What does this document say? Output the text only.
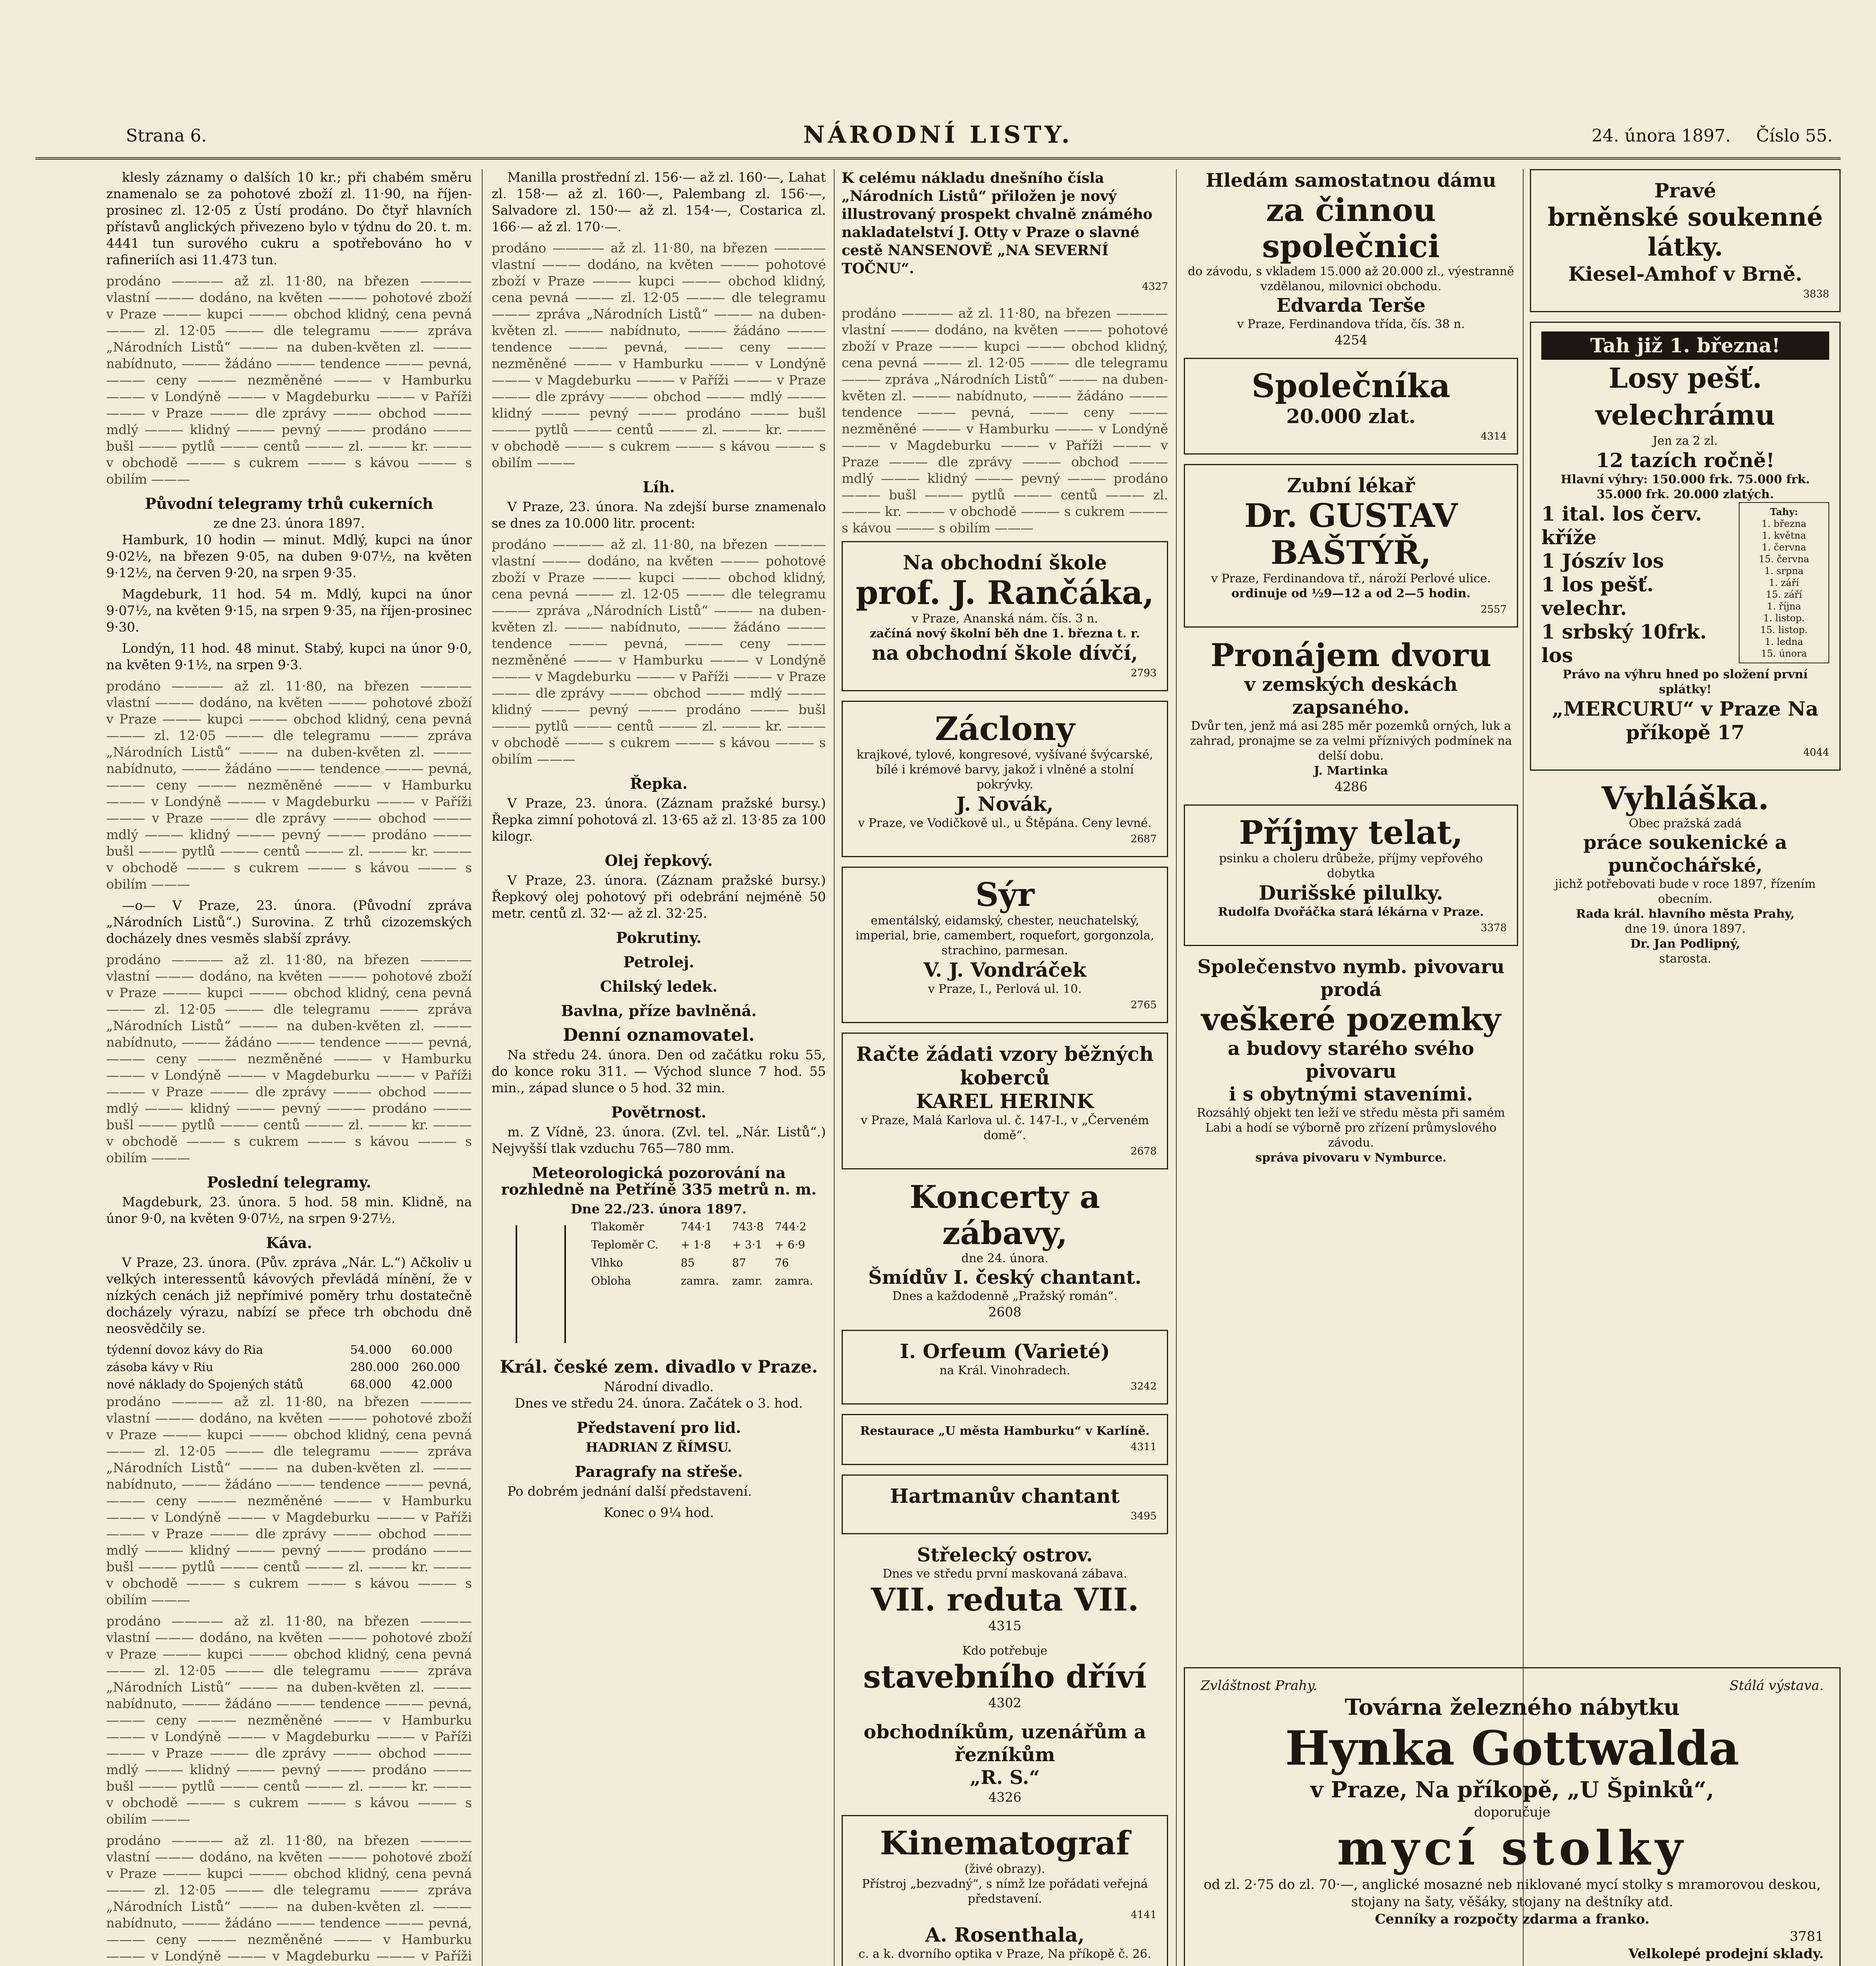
Strana 6.	NÁRODNÍ LISTY.	24. února 1897. Číslo 55.

klesly záznamy o dalších 10 kr.; při chabém směru znamenalo se za pohotové zboží zl. 11·90, na říjen-prosinec zl. 12·05 z Ústí prodáno. Do čtyř hlavních přístavů anglických přivezeno bylo v týdnu do 20. t. m. 4441 tun surového cukru a spotřebováno ho v rafineriích asi 11.473 tun.

prodáno ———— až zl. 11·80, na březen ———— vlastní ——— dodáno, na květen ——— pohotové zboží v Praze ——— kupci ——— obchod klidný, cena pevná ——— zl. 12·05 ——— dle telegramu ——— zpráva „Národních Listů“ ——— na duben-květen zl. ——— nabídnuto, ——— žádáno ——— tendence ——— pevná, ——— ceny ——— nezměněné ——— v Hamburku ——— v Londýně ——— v Magdeburku ——— v Paříži ——— v Praze ——— dle zprávy ——— obchod ——— mdlý ——— klidný ——— pevný ——— prodáno ——— bušl ——— pytlů ——— centů ——— zl. ——— kr. ——— v obchodě ——— s cukrem ——— s kávou ——— s obilím ———

Původní telegramy trhů cukerních
ze dne 23. února 1897.

Hamburk, 10 hodin — minut. Mdlý, kupci na únor 9·02½, na březen 9·05, na duben 9·07½, na květen 9·12½, na červen 9·20, na srpen 9·35.

Magdeburk, 11 hod. 54 m. Mdlý, kupci na únor 9·07½, na květen 9·15, na srpen 9·35, na říjen-prosinec 9·30.

Londýn, 11 hod. 48 minut. Stabý, kupci na únor 9·0, na květen 9·1½, na srpen 9·3.

prodáno ———— až zl. 11·80, na březen ———— vlastní ——— dodáno, na květen ——— pohotové zboží v Praze ——— kupci ——— obchod klidný, cena pevná ——— zl. 12·05 ——— dle telegramu ——— zpráva „Národních Listů“ ——— na duben-květen zl. ——— nabídnuto, ——— žádáno ——— tendence ——— pevná, ——— ceny ——— nezměněné ——— v Hamburku ——— v Londýně ——— v Magdeburku ——— v Paříži ——— v Praze ——— dle zprávy ——— obchod ——— mdlý ——— klidný ——— pevný ——— prodáno ——— bušl ——— pytlů ——— centů ——— zl. ——— kr. ——— v obchodě ——— s cukrem ——— s kávou ——— s obilím ———

—o— V Praze, 23. února. (Původní zpráva „Národních Listů“.) Surovina. Z trhů cizozemských docházely dnes vesměs slabší zprávy.

prodáno ———— až zl. 11·80, na březen ———— vlastní ——— dodáno, na květen ——— pohotové zboží v Praze ——— kupci ——— obchod klidný, cena pevná ——— zl. 12·05 ——— dle telegramu ——— zpráva „Národních Listů“ ——— na duben-květen zl. ——— nabídnuto, ——— žádáno ——— tendence ——— pevná, ——— ceny ——— nezměněné ——— v Hamburku ——— v Londýně ——— v Magdeburku ——— v Paříži ——— v Praze ——— dle zprávy ——— obchod ——— mdlý ——— klidný ——— pevný ——— prodáno ——— bušl ——— pytlů ——— centů ——— zl. ——— kr. ——— v obchodě ——— s cukrem ——— s kávou ——— s obilím ———

Poslední telegramy.

Magdeburk, 23. února. 5 hod. 58 min. Klidně, na únor 9·0, na květen 9·07½, na srpen 9·27½.

Káva.

V Praze, 23. února. (Pův. zpráva „Nár. L.“) Ačkoliv u velkých interessentů kávových převládá mínění, že v nízkých cenách již nepřímivé poměry trhu dostatečně docházely výrazu, nabízí se přece trh obchodu dně neosvědčily se.

týdenní dovoz kávy do Ria	54.000	60.000
zásoba kávy v Riu	280.000	260.000
nové náklady do Spojených států	68.000	42.000

prodáno ———— až zl. 11·80, na březen ———— vlastní ——— dodáno, na květen ——— pohotové zboží v Praze ——— kupci ——— obchod klidný, cena pevná ——— zl. 12·05 ——— dle telegramu ——— zpráva „Národních Listů“ ——— na duben-květen zl. ——— nabídnuto, ——— žádáno ——— tendence ——— pevná, ——— ceny ——— nezměněné ——— v Hamburku ——— v Londýně ——— v Magdeburku ——— v Paříži ——— v Praze ——— dle zprávy ——— obchod ——— mdlý ——— klidný ——— pevný ——— prodáno ——— bušl ——— pytlů ——— centů ——— zl. ——— kr. ——— v obchodě ——— s cukrem ——— s kávou ——— s obilím ———

prodáno ———— až zl. 11·80, na březen ———— vlastní ——— dodáno, na květen ——— pohotové zboží v Praze ——— kupci ——— obchod klidný, cena pevná ——— zl. 12·05 ——— dle telegramu ——— zpráva „Národních Listů“ ——— na duben-květen zl. ——— nabídnuto, ——— žádáno ——— tendence ——— pevná, ——— ceny ——— nezměněné ——— v Hamburku ——— v Londýně ——— v Magdeburku ——— v Paříži ——— v Praze ——— dle zprávy ——— obchod ——— mdlý ——— klidný ——— pevný ——— prodáno ——— bušl ——— pytlů ——— centů ——— zl. ——— kr. ——— v obchodě ——— s cukrem ——— s kávou ——— s obilím ———

prodáno ———— až zl. 11·80, na březen ———— vlastní ——— dodáno, na květen ——— pohotové zboží v Praze ——— kupci ——— obchod klidný, cena pevná ——— zl. 12·05 ——— dle telegramu ——— zpráva „Národních Listů“ ——— na duben-květen zl. ——— nabídnuto, ——— žádáno ——— tendence ——— pevná, ——— ceny ——— nezměněné ——— v Hamburku ——— v Londýně ——— v Magdeburku ——— v Paříži ——— v Praze ——— dle zprávy ——— obchod ——— mdlý ——— klidný ——— pevný ——— prodáno ——— bušl ——— pytlů ——— centů ——— zl. ——— kr. ——— v obchodě ——— s cukrem ——— s kávou ——— s obilím ———

Manilla prostřední zl. 156·— až zl. 160·—, Lahat zl. 158·— až zl. 160·—, Palembang zl. 156·—, Salvadore zl. 150·— až zl. 154·—, Costarica zl. 166·— až zl. 170·—.

prodáno ———— až zl. 11·80, na březen ———— vlastní ——— dodáno, na květen ——— pohotové zboží v Praze ——— kupci ——— obchod klidný, cena pevná ——— zl. 12·05 ——— dle telegramu ——— zpráva „Národních Listů“ ——— na duben-květen zl. ——— nabídnuto, ——— žádáno ——— tendence ——— pevná, ——— ceny ——— nezměněné ——— v Hamburku ——— v Londýně ——— v Magdeburku ——— v Paříži ——— v Praze ——— dle zprávy ——— obchod ——— mdlý ——— klidný ——— pevný ——— prodáno ——— bušl ——— pytlů ——— centů ——— zl. ——— kr. ——— v obchodě ——— s cukrem ——— s kávou ——— s obilím ———

Líh.

V Praze, 23. února. Na zdejší burse znamenalo se dnes za 10.000 litr. procent:

prodáno ———— až zl. 11·80, na březen ———— vlastní ——— dodáno, na květen ——— pohotové zboží v Praze ——— kupci ——— obchod klidný, cena pevná ——— zl. 12·05 ——— dle telegramu ——— zpráva „Národních Listů“ ——— na duben-květen zl. ——— nabídnuto, ——— žádáno ——— tendence ——— pevná, ——— ceny ——— nezměněné ——— v Hamburku ——— v Londýně ——— v Magdeburku ——— v Paříži ——— v Praze ——— dle zprávy ——— obchod ——— mdlý ——— klidný ——— pevný ——— prodáno ——— bušl ——— pytlů ——— centů ——— zl. ——— kr. ——— v obchodě ——— s cukrem ——— s kávou ——— s obilím ———

Řepka.

V Praze, 23. února. (Záznam pražské bursy.) Řepka zimní pohotová zl. 13·65 až zl. 13·85 za 100 kilogr.

Olej řepkový.

V Praze, 23. února. (Záznam pražské bursy.) Řepkový olej pohotový při odebrání nejméně 50 metr. centů zl. 32·— až zl. 32·25.

Pokrutiny.
Petrolej.
Chilský ledek.
Bavlna, příze bavlněná.
Denní oznamovatel.

Na středu 24. února. Den od začátku roku 55, do konce roku 311. — Východ slunce 7 hod. 55 min., západ slunce o 5 hod. 32 min.

Povětrnost.

m. Z Vídně, 23. února. (Zvl. tel. „Nár. Listů“.) Nejvyšší tlak vzduchu 765—780 mm.

Meteorologická pozorování na rozhledně na Petříně 335 metrů n. m.
Dne 22./23. února 1897.
Tlakoměr	744·1	743·8	744·2
Teploměr C.	+ 1·8	+ 3·1	+ 6·9
Vlhko	85	87	76
Obloha	zamra.	zamr.	zamra.
Král. české zem. divadlo v Praze.
Národní divadlo.
Dnes ve středu 24. února. Začátek o 3. hod.
Představení pro lid.
HADRIAN Z ŘÍMSU.
Paragrafy na střeše.

Po dobrém jednání další představení.

Konec o 9¼ hod.
K celému nákladu dnešního čísla „Národních Listů“ přiložen je nový illustrovaný prospekt chvalně známého nakladatelství J. Otty v Praze o slavné cestě NANSENOVĚ „NA SEVERNÍ TOČNU“.
4327

prodáno ———— až zl. 11·80, na březen ———— vlastní ——— dodáno, na květen ——— pohotové zboží v Praze ——— kupci ——— obchod klidný, cena pevná ——— zl. 12·05 ——— dle telegramu ——— zpráva „Národních Listů“ ——— na duben-květen zl. ——— nabídnuto, ——— žádáno ——— tendence ——— pevná, ——— ceny ——— nezměněné ——— v Hamburku ——— v Londýně ——— v Magdeburku ——— v Paříži ——— v Praze ——— dle zprávy ——— obchod ——— mdlý ——— klidný ——— pevný ——— prodáno ——— bušl ——— pytlů ——— centů ——— zl. ——— kr. ——— v obchodě ——— s cukrem ——— s kávou ——— s obilím ———

Na obchodní škole
prof. J. Rančáka,
v Praze, Ananská nám. čís. 3 n.
začíná nový školní běh dne 1. března t. r.
na obchodní škole dívčí,
2793
Záclony
krajkové, tylové, kongresové, vyšívané švýcarské, bílé i krémové barvy, jakož i vlněné a stolní pokrývky.
J. Novák,
v Praze, ve Vodičkově ul., u Štěpána. Ceny levné.
2687
Sýr
ementálský, eidamský, chester, neuchatelský, imperial, brie, camembert, roquefort, gorgonzola, strachino, parmesan.
V. J. Vondráček
v Praze, I., Perlová ul. 10.
2765
Račte žádati vzory běžných koberců
KAREL HERINK
v Praze, Malá Karlova ul. č. 147-I., v „Červeném domě“.
2678
Koncerty a zábavy,
dne 24. února.
Šmídův I. český chantant.
Dnes a každodenně „Pražský román“.
2608
I. Orfeum (Varieté)
na Král. Vinohradech.
3242
Restaurace „U města Hamburku“ v Karlíně.
4311
Hartmanův chantant
3495
Střelecký ostrov.
Dnes ve středu první maskovaná zábava.
VII. reduta VII.
4315
Kdo potřebuje
stavebního dříví
4302
obchodníkům, uzenářům a řezníkům
„R. S.“
4326
Kinematograf
(živé obrazy).
Přístroj „bezvadný“, s nímž lze pořádati veřejná představení.
4141
A. Rosenthala,
c. a k. dvorního optika v Praze, Na příkopě č. 26.
Hledám samostatnou dámu
za činnou společnici
do závodu, s vkladem 15.000 až 20.000 zl., výestranně vzdělanou, milovnici obchodu.
Edvarda Terše
v Praze, Ferdinandova třída, čís. 38 n.
4254
Společníka
20.000 zlat.
4314
Zubní lékař
Dr. GUSTAV BAŠTÝŘ,
v Praze, Ferdinandova tř., nároží Perlové ulice.
ordinuje od ½9—12 a od 2—5 hodin.
2557
Pronájem dvoru
v zemských deskách zapsaného.
Dvůr ten, jenž má asi 285 měr pozemků orných, luk a zahrad, pronajme se za velmi příznivých podmínek na delší dobu.
J. Martinka
4286
Příjmy telat,
psinku a choleru drůbeže, příjmy vepřového dobytka
Durišské pilulky.
Rudolfa Dvořáčka stará lékárna v Praze.
3378
Společenstvo nymb. pivovaru
prodá
veškeré pozemky
a budovy starého svého pivovaru
i s obytnými staveními.
Rozsáhlý objekt ten leží ve středu města při samém Labi a hodí se výborně pro zřízení průmyslového závodu.
správa pivovaru v Nymburce.
Pravé
brněnské soukenné látky.
Kiesel-Amhof v Brně.
3838
Tah již 1. března!
Losy pešť. velechrámu
Jen za 2 zl.
12 tazích ročně!
Hlavní výhry: 150.000 frk. 75.000 frk. 35.000 frk. 20.000 zlatých.
Tahy:
1. března
1. května
1. června
15. června
1. srpna
1. září
15. září
1. října
1. listop.
15. listop.
1. ledna
15. února
1 ital. los červ. kříže
1 Jószív los
1 los pešť. velechr.
1 srbský 10frk. los
Právo na výhru hned po složení první splátky!
„MERCURU“ v Praze Na příkopě 17
4044
Vyhláška.
Obec pražská zadá
práce soukenické a punčochářské,
jichž potřebovati bude v roce 1897, řízením obecním.
Rada král. hlavního města Prahy,
dne 19. února 1897.
Dr. Jan Podlipný,
starosta.
Zvláštnost Prahy.	Stálá výstava.
Továrna železného nábytku
Hynka Gottwalda
v Praze, Na příkopě, „U Špinků“,
doporučuje
mycí stolky
od zl. 2·75 do zl. 70·—, anglické mosazné neb niklované mycí stolky s mramorovou deskou, stojany na šaty, věšáky, stojany na deštníky atd.
Cenníky a rozpočty zdarma a franko.
3781
Velkolepé prodejní sklady.
